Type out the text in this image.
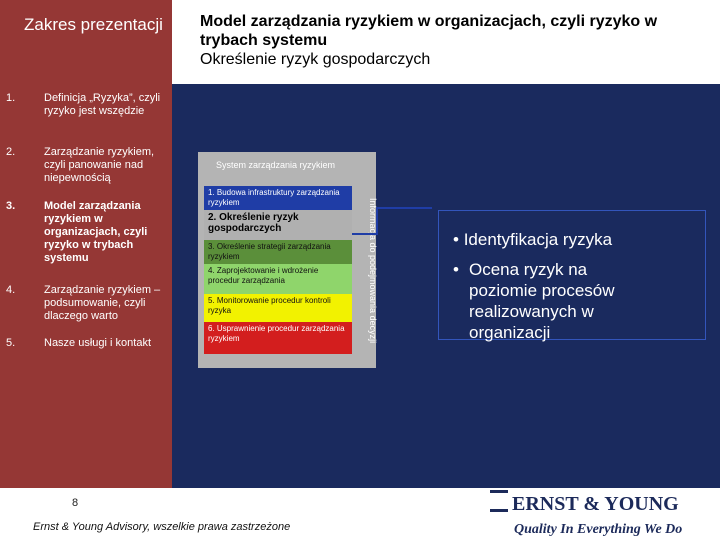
Zakres prezentacji
1.	Definicja „Ryzyka”, czyli ryzyko jest wszędzie
2.	Zarządzanie ryzykiem, czyli panowanie nad niepewnością
3.	Model zarządzania ryzykiem w organizacjach, czyli ryzyko w trybach systemu
4.	Zarządzanie ryzykiem – podsumowanie, czyli dlaczego warto
5.	Nasze usługi i kontakt
8
Model zarządzania ryzykiem w organizacjach, czyli ryzyko w trybach systemu
Określenie ryzyk gospodarczych
System zarządzania ryzykiem
1. Budowa infrastruktury zarządzania ryzykiem
2. Określenie ryzyk gospodarczych
3. Określenie strategii zarządzania ryzykiem
4. Zaprojektowanie i wdrożenie procedur zarządzania
5. Monitorowanie procedur kontroli ryzyka
6. Usprawnienie procedur zarządzania ryzykiem	Informacja do podejmowania decyzji	• Identyfikacja ryzyka
• Ocena ryzyk na poziomie procesów realizowanych w organizacji
Ernst & Young Advisory, wszelkie prawa zastrzeżone
ERNST & YOUNG
Quality In Everything We Do
